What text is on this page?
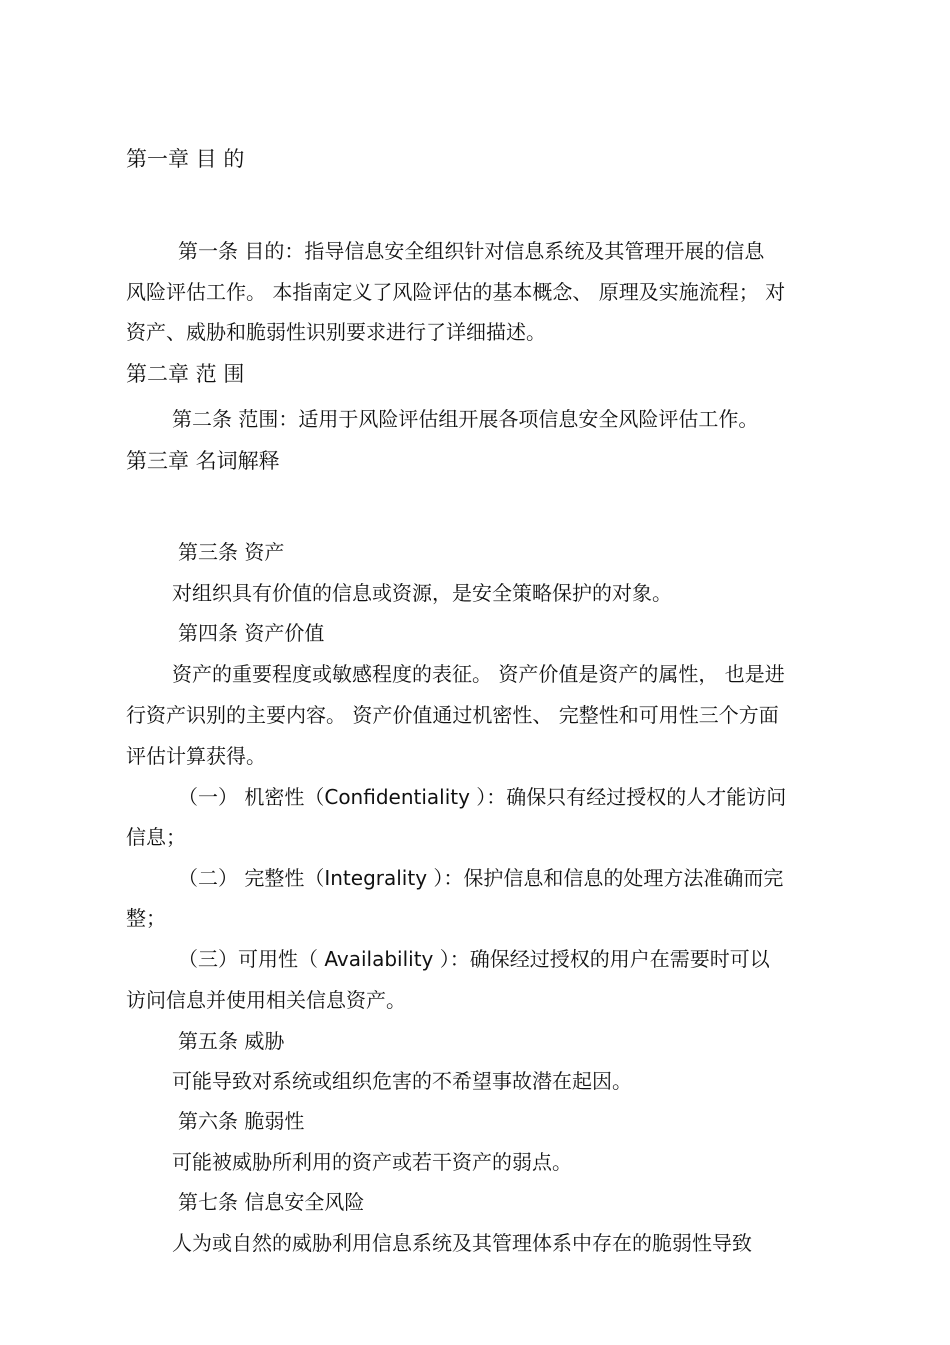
第一章 目 的
第一条 目的：指导信息安全组织针对信息系统及其管理开展的信息
风险评估工作。 本指南定义了风险评估的基本概念、 原理及实施流程； 对
资产、威胁和脆弱性识别要求进行了详细描述。
第二章 范 围
第二条 范围：适用于风险评估组开展各项信息安全风险评估工作。
第三章 名词解释
第三条 资产
对组织具有价值的信息或资源，是安全策略保护的对象。
第四条 资产价值
资产的重要程度或敏感程度的表征。 资产价值是资产的属性， 也是进
行资产识别的主要内容。 资产价值通过机密性、 完整性和可用性三个方面
评估计算获得。
（一） 机密性（Confidentiality ）：确保只有经过授权的人才能访问
信息；
（二） 完整性（Integrality ）：保护信息和信息的处理方法准确而完
整；
（三）可用性（ Availability ）：确保经过授权的用户在需要时可以
访问信息并使用相关信息资产。
第五条 威胁
可能导致对系统或组织危害的不希望事故潜在起因。
第六条 脆弱性
可能被威胁所利用的资产或若干资产的弱点。
第七条 信息安全风险
人为或自然的威胁利用信息系统及其管理体系中存在的脆弱性导致
